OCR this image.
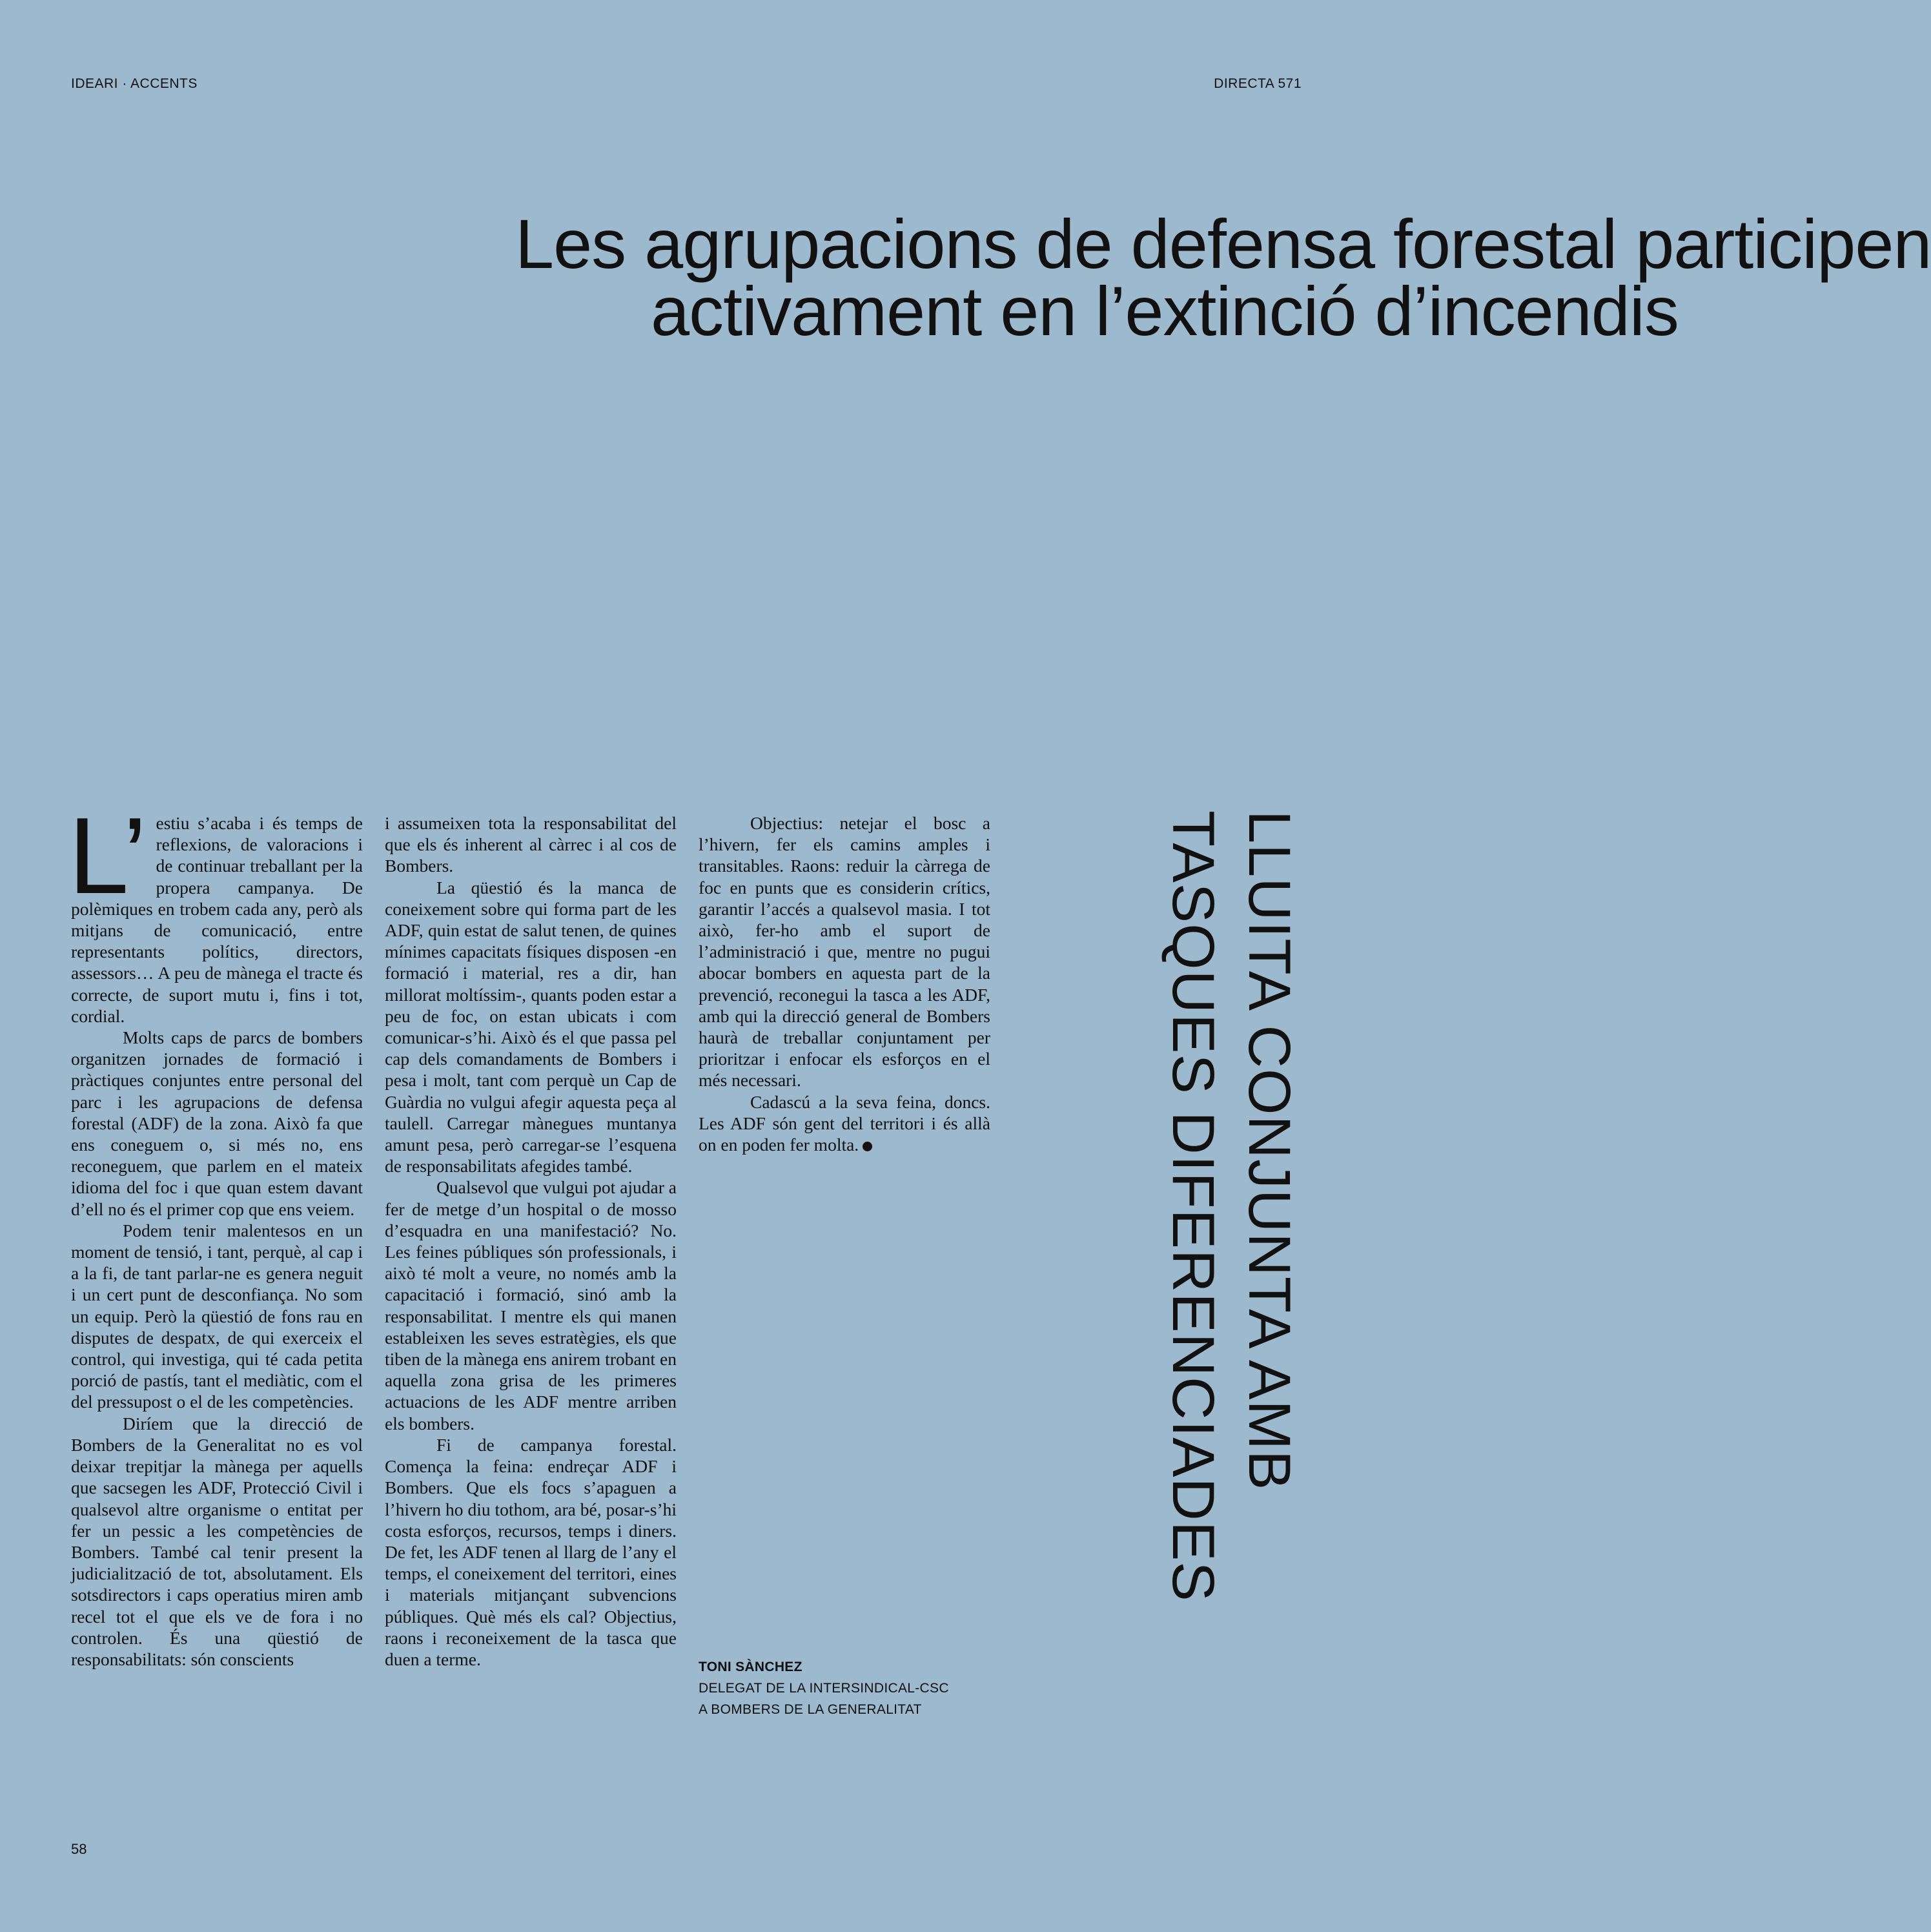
IDEARI · ACCENTS	DIRECTA 571
Les agrupacions de defensa forestal participen
activament en l’extinció d’incendis

L’ estiu s’acaba i és temps de reflexions, de valoracions i de continuar treballant per la propera campanya. De polèmiques en trobem cada any, però als mitjans de comunicació, entre representants polítics, directors, assessors… A peu de mànega el tracte és correcte, de suport mutu i, fins i tot, cordial.

Molts caps de parcs de bombers organitzen jornades de formació i pràctiques conjuntes entre personal del parc i les agrupacions de defensa forestal (ADF) de la zona. Això fa que ens coneguem o, si més no, ens reconeguem, que parlem en el mateix idioma del foc i que quan estem davant d’ell no és el primer cop que ens veiem.

Podem tenir malentesos en un moment de tensió, i tant, perquè, al cap i a la fi, de tant parlar-ne es genera neguit i un cert punt de desconfiança. No som un equip. Però la qüestió de fons rau en disputes de despatx, de qui exerceix el control, qui investiga, qui té cada petita porció de pastís, tant el mediàtic, com el del pressupost o el de les competències.

Diríem que la direcció de Bombers de la Generalitat no es vol deixar trepitjar la mànega per aquells que sacsegen les ADF, Protecció Civil i qualsevol altre organisme o entitat per fer un pessic a les competències de Bombers. També cal tenir present la judicialització de tot, absolutament. Els sotsdirectors i caps operatius miren amb recel tot el que els ve de fora i no controlen. És una qüestió de responsabilitats: són conscients

i assumeixen tota la responsabilitat del que els és inherent al càrrec i al cos de Bombers.

La qüestió és la manca de coneixement sobre qui forma part de les ADF, quin estat de salut tenen, de quines mínimes capacitats físiques disposen -en formació i material, res a dir, han millorat moltíssim-, quants poden estar a peu de foc, on estan ubicats i com comunicar-s’hi. Això és el que passa pel cap dels comandaments de Bombers i pesa i molt, tant com perquè un Cap de Guàrdia no vulgui afegir aquesta peça al taulell. Carregar mànegues muntanya amunt pesa, però carregar-se l’esquena de responsabilitats afegides també.

Qualsevol que vulgui pot ajudar a fer de metge d’un hospital o de mosso d’esquadra en una manifestació? No. Les feines públiques són professionals, i això té molt a veure, no només amb la capacitació i formació, sinó amb la responsabilitat. I mentre els qui manen estableixen les seves estratègies, els que tiben de la mànega ens anirem trobant en aquella zona grisa de les primeres actuacions de les ADF mentre arriben els bombers.

Fi de campanya forestal. Comença la feina: endreçar ADF i Bombers. Que els focs s’apaguen a l’hivern ho diu tothom, ara bé, posar-s’hi costa esforços, recursos, temps i diners. De fet, les ADF tenen al llarg de l’any el temps, el coneixement del territori, eines i materials mitjançant subvencions públiques. Què més els cal? Objectius, raons i reconeixement de la tasca que duen a terme.

Objectius: netejar el bosc a l’hivern, fer els camins amples i transitables. Raons: reduir la càrrega de foc en punts que es considerin crítics, garantir l’accés a qualsevol masia. I tot això, fer-ho amb el suport de l’administració i que, mentre no pugui abocar bombers en aquesta part de la prevenció, reconegui la tasca a les ADF, amb qui la direcció general de Bombers haurà de treballar conjuntament per prioritzar i enfocar els esforços en el més necessari.

Cadascú a la seva feina, doncs. Les ADF són gent del territori i és allà on en poden fer molta.

TONI SÀNCHEZ
DELEGAT DE LA INTERSINDICAL-CSC
A BOMBERS DE LA GENERALITAT
LLUITA CONJUNTA AMB
TASQUES DIFERENCIADES
58
